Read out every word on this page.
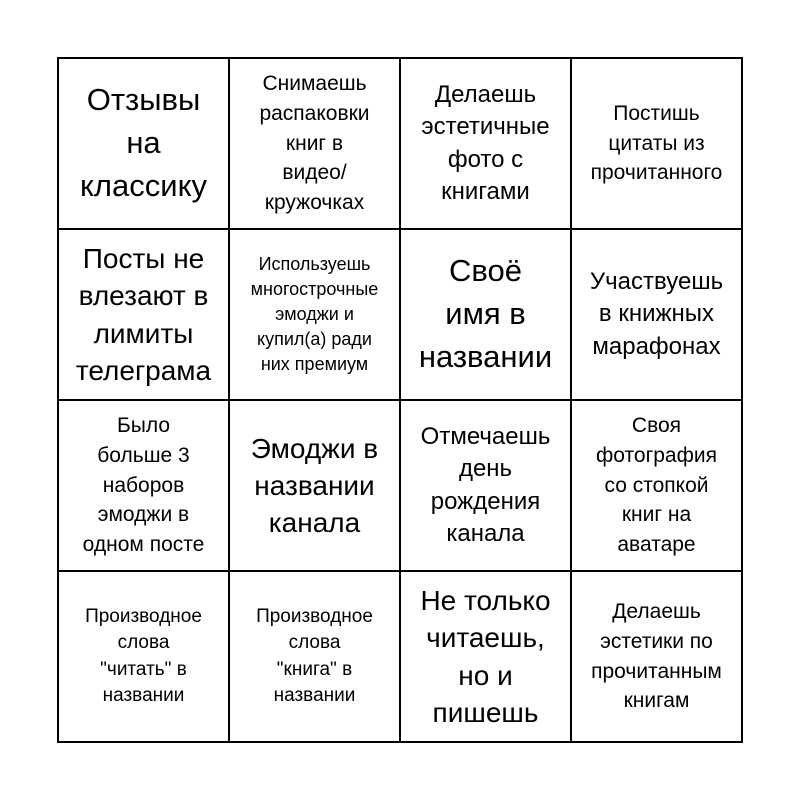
Отзывы
на
классику
Снимаешь
распаковки
книг в
видео/
кружочках
Делаешь
эстетичные
фото с
книгами
Постишь
цитаты из
прочитанного
Посты не
влезают в
лимиты
телеграма
Используешь
многострочные
эмоджи и
купил(а) ради
них премиум
Своё
имя в
названии
Участвуешь
в книжных
марафонах
Было
больше 3
наборов
эмоджи в
одном посте
Эмоджи в
названии
канала
Отмечаешь
день
рождения
канала
Своя
фотография
со стопкой
книг на
аватаре
Производное
слова
"читать" в
названии
Производное
слова
"книга" в
названии
Не только
читаешь,
но и
пишешь
Делаешь
эстетики по
прочитанным
книгам
